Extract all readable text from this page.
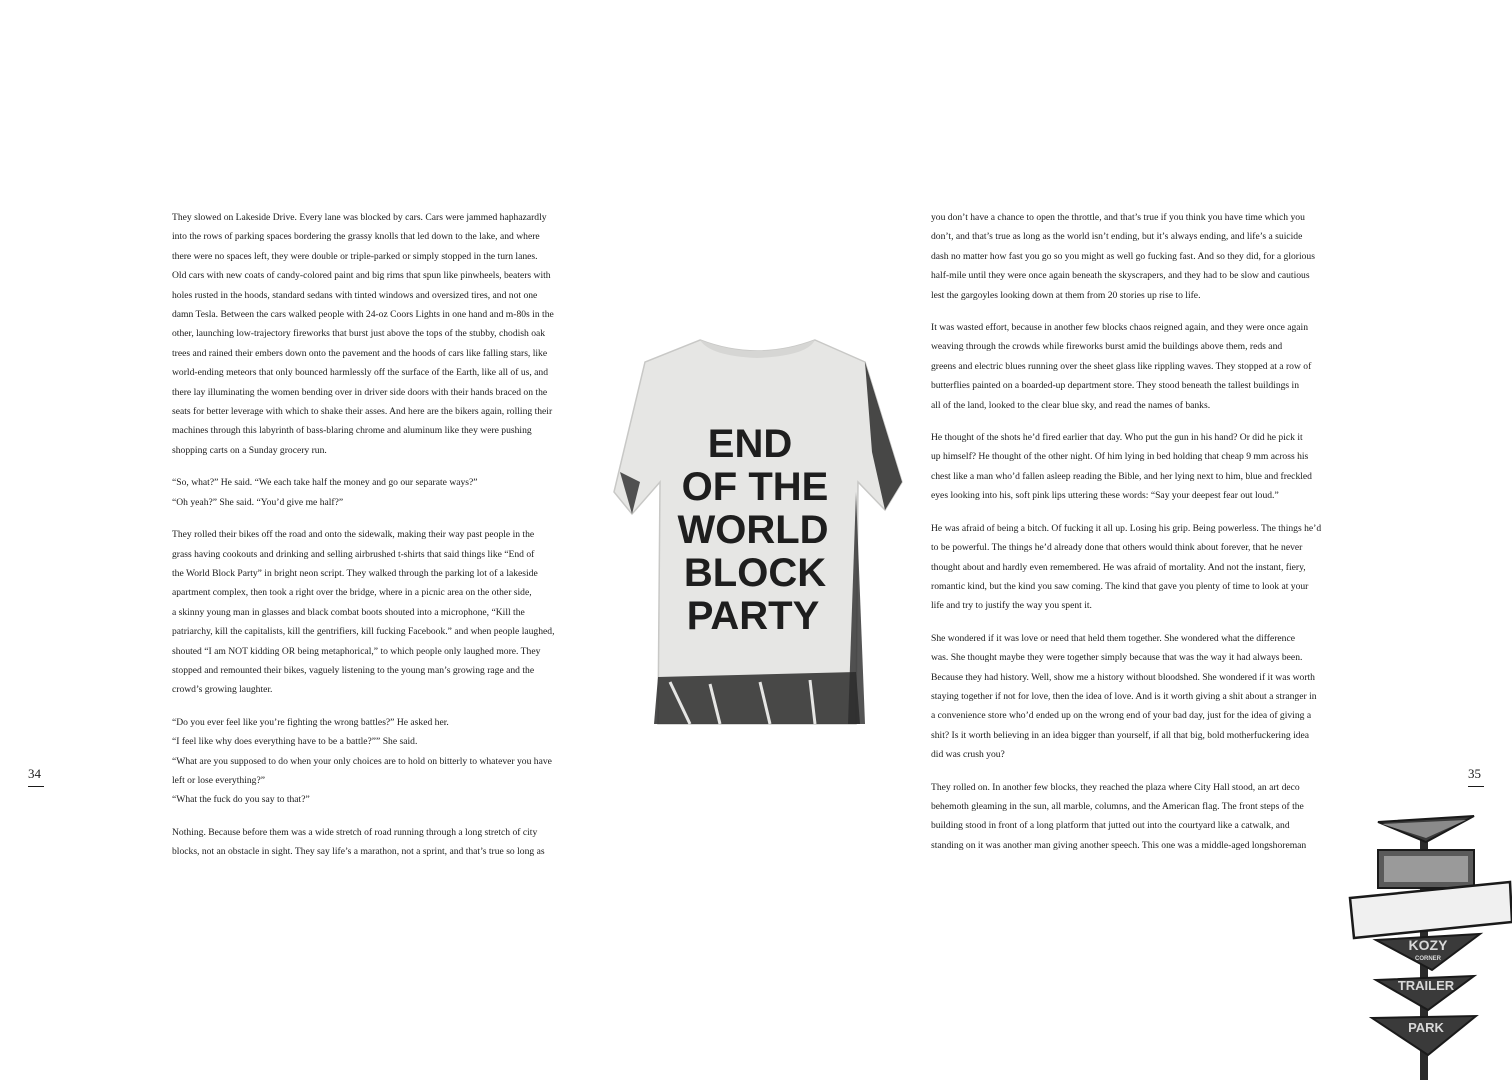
They slowed on Lakeside Drive. Every lane was blocked by cars. Cars were jammed haphazardly
into the rows of parking spaces bordering the grassy knolls that led down to the lake, and where
there were no spaces left, they were double or triple-parked or simply stopped in the turn lanes.
Old cars with new coats of candy-colored paint and big rims that spun like pinwheels, beaters with
holes rusted in the hoods, standard sedans with tinted windows and oversized tires, and not one
damn Tesla. Between the cars walked people with 24-oz Coors Lights in one hand and m-80s in the
other, launching low-trajectory fireworks that burst just above the tops of the stubby, chodish oak
trees and rained their embers down onto the pavement and the hoods of cars like falling stars, like
world-ending meteors that only bounced harmlessly off the surface of the Earth, like all of us, and
there lay illuminating the women bending over in driver side doors with their hands braced on the
seats for better leverage with which to shake their asses. And here are the bikers again, rolling their
machines through this labyrinth of bass-blaring chrome and aluminum like they were pushing
shopping carts on a Sunday grocery run.

“So, what?” He said. “We each take half the money and go our separate ways?”
“Oh yeah?” She said. “You’d give me half?”

They rolled their bikes off the road and onto the sidewalk, making their way past people in the
grass having cookouts and drinking and selling airbrushed t-shirts that said things like “End of
the World Block Party” in bright neon script. They walked through the parking lot of a lakeside
apartment complex, then took a right over the bridge, where in a picnic area on the other side,
a skinny young man in glasses and black combat boots shouted into a microphone, “Kill the
patriarchy, kill the capitalists, kill the gentrifiers, kill fucking Facebook.” and when people laughed,
shouted “I am NOT kidding OR being metaphorical,” to which people only laughed more. They
stopped and remounted their bikes, vaguely listening to the young man’s growing rage and the
crowd’s growing laughter.

“Do you ever feel like you’re fighting the wrong battles?” He asked her.
“I feel like why does everything have to be a battle?”” She said.
“What are you supposed to do when your only choices are to hold on bitterly to whatever you have
left or lose everything?”
“What the fuck do you say to that?”

Nothing. Because before them was a wide stretch of road running through a long stretch of city
blocks, not an obstacle in sight. They say life’s a marathon, not a sprint, and that’s true so long as

34
END
OF THE
WORLD
BLOCK
PARTY

you don’t have a chance to open the throttle, and that’s true if you think you have time which you
don’t, and that’s true as long as the world isn’t ending, but it’s always ending, and life’s a suicide
dash no matter how fast you go so you might as well go fucking fast. And so they did, for a glorious
half-mile until they were once again beneath the skyscrapers, and they had to be slow and cautious
lest the gargoyles looking down at them from 20 stories up rise to life.

It was wasted effort, because in another few blocks chaos reigned again, and they were once again
weaving through the crowds while fireworks burst amid the buildings above them, reds and
greens and electric blues running over the sheet glass like rippling waves. They stopped at a row of
butterflies painted on a boarded-up department store. They stood beneath the tallest buildings in
all of the land, looked to the clear blue sky, and read the names of banks.

He thought of the shots he’d fired earlier that day. Who put the gun in his hand? Or did he pick it
up himself? He thought of the other night. Of him lying in bed holding that cheap 9 mm across his
chest like a man who’d fallen asleep reading the Bible, and her lying next to him, blue and freckled
eyes looking into his, soft pink lips uttering these words: “Say your deepest fear out loud.”

He was afraid of being a bitch. Of fucking it all up. Losing his grip. Being powerless. The things he’d
to be powerful. The things he’d already done that others would think about forever, that he never
thought about and hardly even remembered. He was afraid of mortality. And not the instant, fiery,
romantic kind, but the kind you saw coming. The kind that gave you plenty of time to look at your
life and try to justify the way you spent it.

She wondered if it was love or need that held them together. She wondered what the difference
was. She thought maybe they were together simply because that was the way it had always been.
Because they had history. Well, show me a history without bloodshed. She wondered if it was worth
staying together if not for love, then the idea of love. And is it worth giving a shit about a stranger in
a convenience store who’d ended up on the wrong end of your bad day, just for the idea of giving a
shit? Is it worth believing in an idea bigger than yourself, if all that big, bold motherfuckering idea
did was crush you?

They rolled on. In another few blocks, they reached the plaza where City Hall stood, an art deco
behemoth gleaming in the sun, all marble, columns, and the American flag. The front steps of the
building stood in front of a long platform that jutted out into the courtyard like a catwalk, and
standing on it was another man giving another speech. This one was a middle-aged longshoreman

35
KOZY
CORNER
TRAILER
PARK
